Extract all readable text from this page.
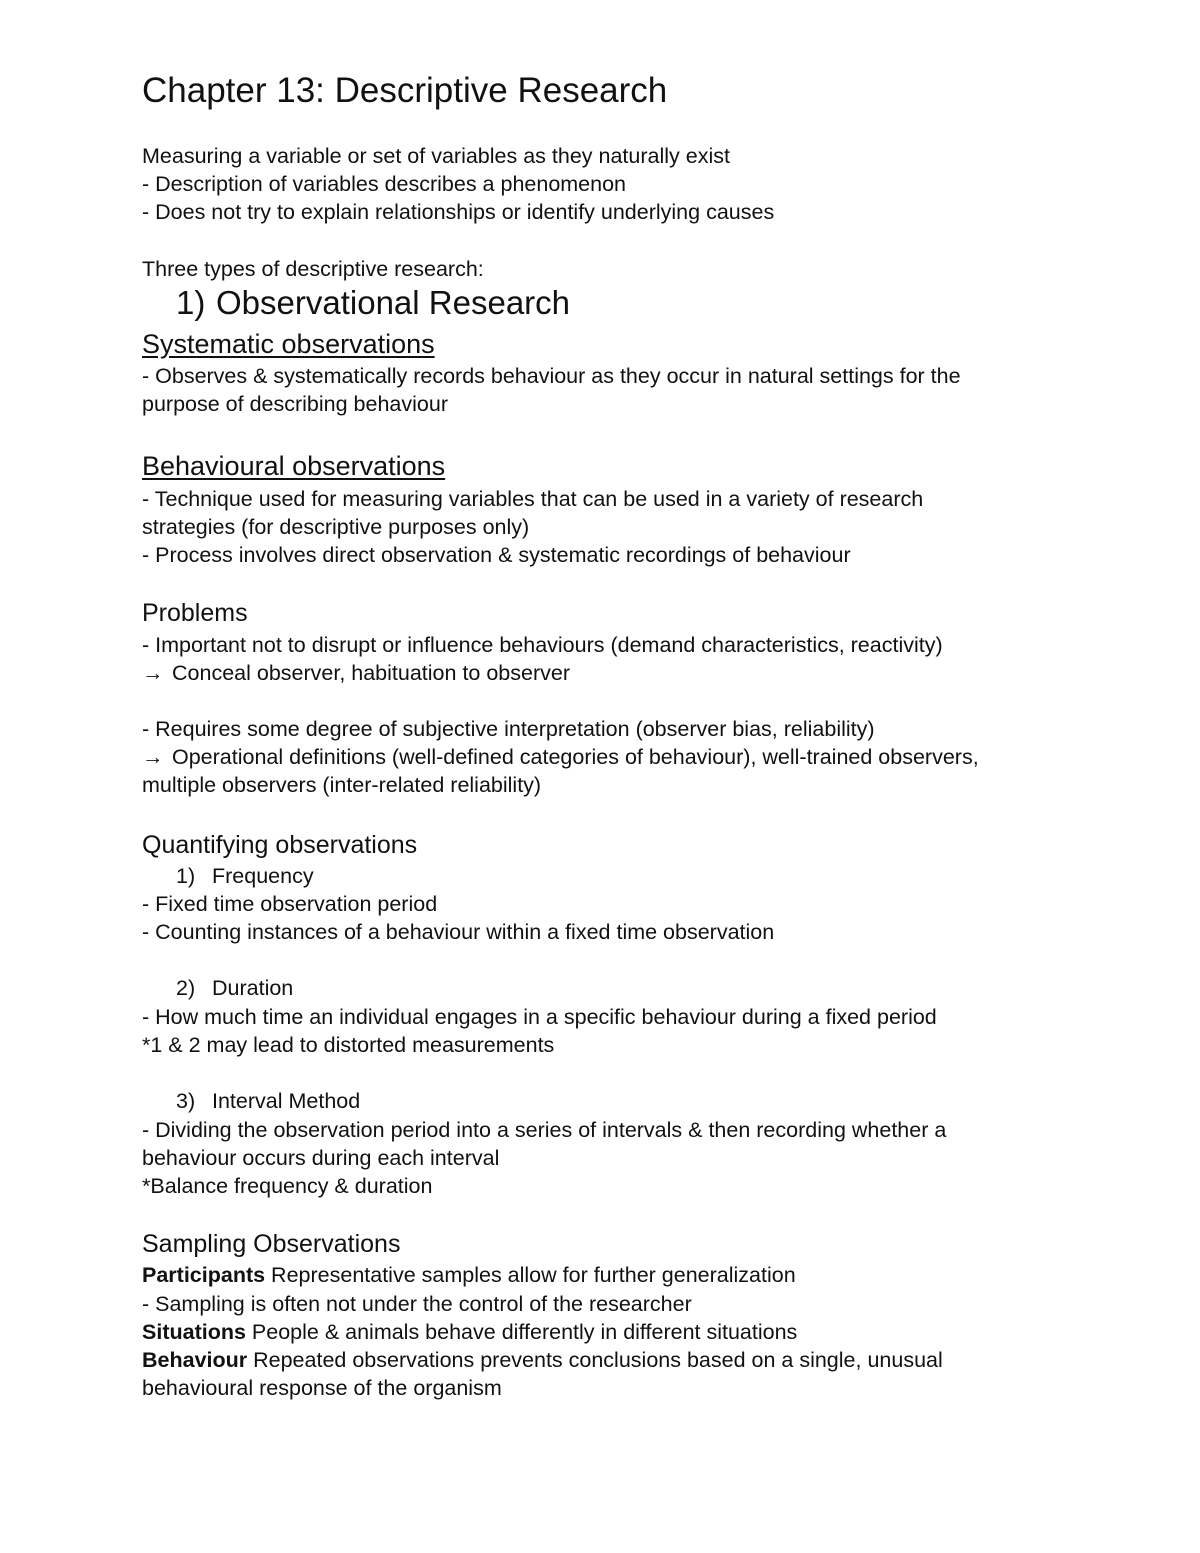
Chapter 13: Descriptive Research
Measuring a variable or set of variables as they naturally exist
- Description of variables describes a phenomenon
- Does not try to explain relationships or identify underlying causes
Three types of descriptive research:
1) Observational Research
Systematic observations
- Observes & systematically records behaviour as they occur in natural settings for the
purpose of describing behaviour
Behavioural observations
- Technique used for measuring variables that can be used in a variety of research
strategies (for descriptive purposes only)
- Process involves direct observation & systematic recordings of behaviour
Problems
- Important not to disrupt or influence behaviours (demand characteristics, reactivity)
→ Conceal observer, habituation to observer
- Requires some degree of subjective interpretation (observer bias, reliability)
→ Operational definitions (well-defined categories of behaviour), well-trained observers,
multiple observers (inter-related reliability)
Quantifying observations
1) Frequency
- Fixed time observation period
- Counting instances of a behaviour within a fixed time observation
2) Duration
- How much time an individual engages in a specific behaviour during a fixed period
*1 & 2 may lead to distorted measurements
3) Interval Method
- Dividing the observation period into a series of intervals & then recording whether a
behaviour occurs during each interval
*Balance frequency & duration
Sampling Observations
Participants Representative samples allow for further generalization
- Sampling is often not under the control of the researcher
Situations People & animals behave differently in different situations
Behaviour Repeated observations prevents conclusions based on a single, unusual
behavioural response of the organism
